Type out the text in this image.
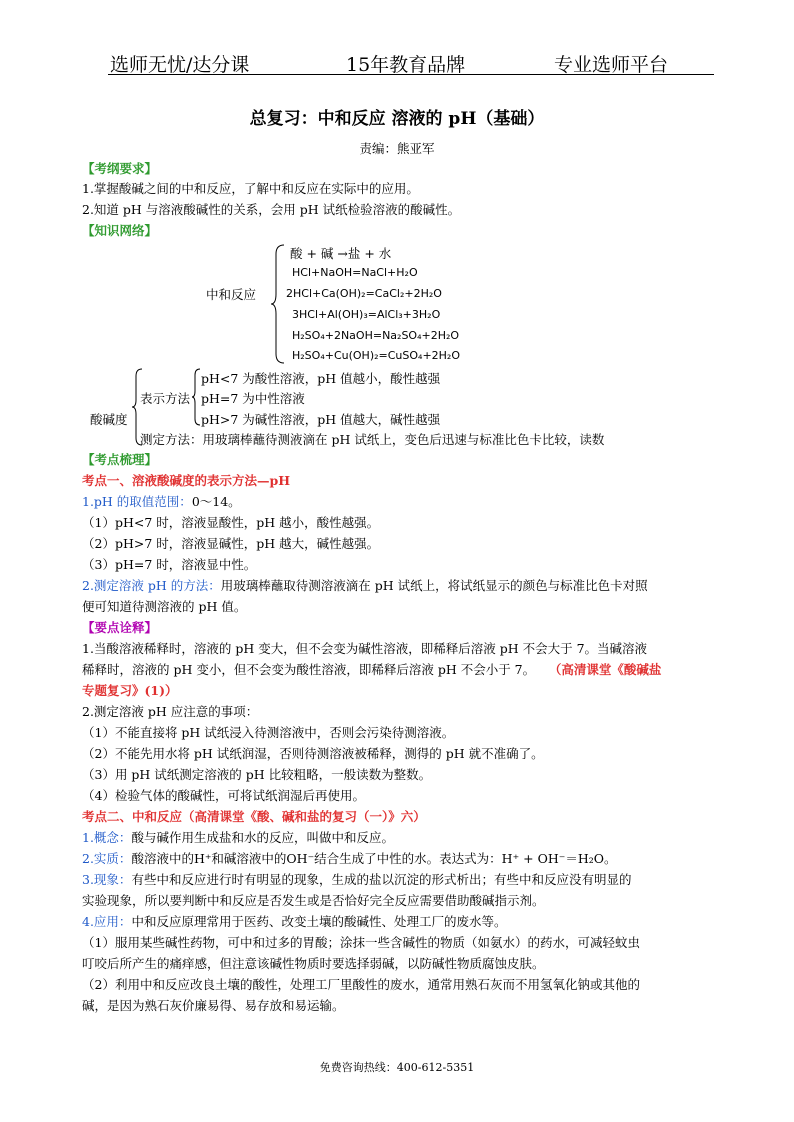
选师无忧/达分课	15年教育品牌	专业选师平台
总复习：中和反应 溶液的 pH（基础）
责编：熊亚军
【考纲要求】
1.掌握酸碱之间的中和反应，了解中和反应在实际中的应用。
2.知道 pH 与溶液酸碱性的关系，会用 pH 试纸检验溶液的酸碱性。
【知识网络】
中和反应
酸 + 碱 →盐 + 水
HCl+NaOH=NaCl+H₂O
2HCl+Ca(OH)₂=CaCl₂+2H₂O
3HCl+Al(OH)₃=AlCl₃+3H₂O
H₂SO₄+2NaOH=Na₂SO₄+2H₂O
H₂SO₄+Cu(OH)₂=CuSO₄+2H₂O
酸碱度
表示方法
pH<7 为酸性溶液，pH 值越小，酸性越强
pH=7 为中性溶液
pH>7 为碱性溶液，pH 值越大，碱性越强
测定方法：用玻璃棒蘸待测液滴在 pH 试纸上，变色后迅速与标准比色卡比较，读数
【考点梳理】
考点一、溶液酸碱度的表示方法—pH
1.pH 的取值范围：0～14。
（1）pH<7 时，溶液显酸性，pH 越小，酸性越强。
（2）pH>7 时，溶液显碱性，pH 越大，碱性越强。
（3）pH=7 时，溶液显中性。
2.测定溶液 pH 的方法：用玻璃棒蘸取待测溶液滴在 pH 试纸上，将试纸显示的颜色与标准比色卡对照
便可知道待测溶液的 pH 值。
【要点诠释】
1.当酸溶液稀释时，溶液的 pH 变大，但不会变为碱性溶液，即稀释后溶液 pH 不会大于 7。当碱溶液
稀释时，溶液的 pH 变小，但不会变为酸性溶液，即稀释后溶液 pH 不会小于 7。 （高清课堂《酸碱盐
专题复习》(1)）
2.测定溶液 pH 应注意的事项：
（1）不能直接将 pH 试纸浸入待测溶液中，否则会污染待测溶液。
（2）不能先用水将 pH 试纸润湿，否则待测溶液被稀释，测得的 pH 就不准确了。
（3）用 pH 试纸测定溶液的 pH 比较粗略，一般读数为整数。
（4）检验气体的酸碱性，可将试纸润湿后再使用。
考点二、中和反应（高清课堂《酸、碱和盐的复习（一）》六）
1.概念：酸与碱作用生成盐和水的反应，叫做中和反应。
2.实质：酸溶液中的H⁺和碱溶液中的OH⁻结合生成了中性的水。表达式为：H⁺ + OH⁻＝H₂O。
3.现象：有些中和反应进行时有明显的现象，生成的盐以沉淀的形式析出；有些中和反应没有明显的
实验现象，所以要判断中和反应是否发生或是否恰好完全反应需要借助酸碱指示剂。
4.应用：中和反应原理常用于医药、改变土壤的酸碱性、处理工厂的废水等。
（1）服用某些碱性药物，可中和过多的胃酸；涂抹一些含碱性的物质（如氨水）的药水，可减轻蚊虫
叮咬后所产生的痛痒感，但注意该碱性物质时要选择弱碱，以防碱性物质腐蚀皮肤。
（2）利用中和反应改良土壤的酸性，处理工厂里酸性的废水，通常用熟石灰而不用氢氧化钠或其他的
碱，是因为熟石灰价廉易得、易存放和易运输。
免费咨询热线：400-612-5351
